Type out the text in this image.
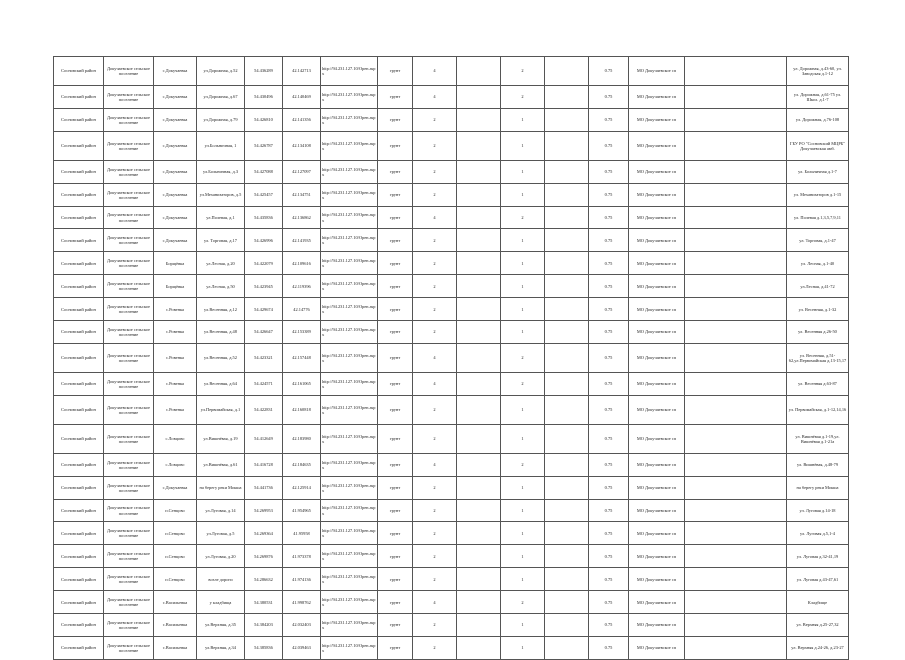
Сосновский район	Докучаевское сельское поселение	с.Докучаевка	ул.Дорожная, д.52	54.436289	42.142713	http://94.231.127.10/Open.aspx	грунт	4		2		0.75	МО Докучаевское сп		ул. Дорожная, д.43-60, ул. Заводская д.1-12
Сосновский район	Докучаевское сельское поселение	с.Докучаевка	ул.Дорожная, д.67	54.430496	42.140469	http://94.231.127.10/Open.aspx	грунт	4		2		0.75	МО Докучаевское сп		ул. Дорожная, д.61-75 ул. Школ. д.1-7
Сосновский район	Докучаевское сельское поселение	с.Докучаевка	ул.Дорожная, д.79	54.426810	42.141356	http://94.231.127.10/Open.aspx	грунт	2		1		0.75	МО Докучаевское сп		ул. Дорожная, д.76-108
Сосновский район	Докучаевское сельское поселение	с.Докучаевка	ул.Больничная, 1	54.426787	42.134108	http://94.231.127.10/Open.aspx	грунт	2		1		0.75	МО Докучаевское сп		ГБУ РО "Сосновский МЦРБ" Докучаевская амб.
Сосновский район	Докучаевское сельское поселение	с.Докучаевка	ул.Больничная, д.3	54.427088	42.127097	http://94.231.127.10/Open.aspx	грунт	2		1		0.75	МО Докучаевское сп		ул. Больничная д.1-7
Сосновский район	Докучаевское сельское поселение	с.Докучаевка	ул.Механизаторов, д.5	54.425457	42.134751	http://94.231.127.10/Open.aspx	грунт	2		1		0.75	МО Докучаевское сп		ул. Механизаторов д.1-15
Сосновский район	Докучаевское сельское поселение	с.Докучаевка	ул.Полевая, д.1	54.435836	42.136862	http://94.231.127.10/Open.aspx	грунт	4		2		0.75	МО Докучаевское сп		ул. Полевая д.1,3,5,7,9,11
Сосновский район	Докучаевское сельское поселение	с.Докучаевка	ул. Торговая, д.17	54.426996	42.141935	http://94.231.127.10/Open.aspx	грунт	2		1		0.75	МО Докучаевское сп		ул. Торговая, д.1-47
Сосновский район	Докучаевское сельское поселение	Борщёвка	ул.Лесная, д.20	54.422079	42.109616	http://94.231.127.10/Open.aspx	грунт	2		1		0.75	МО Докучаевское сп		ул. Лесная, д.1-40
Сосновский район	Докучаевское сельское поселение	Борщёвка	ул.Лесная, д.50	54.423945	42.119396	http://94.231.127.10/Open.aspx	грунт	2		1		0.75	МО Докучаевское сп		ул.Лесная, д.41-72
Сосновский район	Докучаевское сельское поселение	с.Ровенка	ул.Весенняя, д.12	54.429674	42.14776	http://94.231.127.10/Open.aspx	грунт	2		1		0.75	МО Докучаевское сп		ул. Весенняя, д.1-32
Сосновский район	Докучаевское сельское поселение	с.Ровенка	ул.Весенняя, д.48	54.426647	42.153389	http://94.231.127.10/Open.aspx	грунт	2		1		0.75	МО Докучаевское сп		ул. Весенняя д.26-50
Сосновский район	Докучаевское сельское поселение	с.Ровенка	ул.Весенняя, д.52	54.423321	42.157448	http://94.231.127.10/Open.aspx	грунт	4		2		0.75	МО Докучаевское сп		ул. Весенняя, д.51-62,ул.Первомайская д.13-15,17
Сосновский район	Докучаевское сельское поселение	с.Ровенка	ул.Весенняя, д.64	54.424571	42.161065	http://94.231.127.10/Open.aspx	грунт	4		2		0.75	МО Докучаевское сп		ул. Весенняя д.63-87
Сосновский район	Докучаевское сельское поселение	с.Ровенка	ул.Первомайская, д.1	54.422831	42.160818	http://94.231.127.10/Open.aspx	грунт	2		1		0.75	МО Докучаевское сп		ул. Первомайская, д.1-12,14,16
Сосновский район	Докучаевское сельское поселение	с.Ловцово	ул.Вишнёвая, д.19	54.412649	42.183980	http://94.231.127.10/Open.aspx	грунт	2		1		0.75	МО Докучаевское сп		ул. Вишнёвая д.1-19,ул. Вишнёвая д.1-21а
Сосновский район	Докучаевское сельское поселение	с.Ловцово	ул.Вишнёвая, д.61	54.416728	42.184635	http://94.231.127.10/Open.aspx	грунт	4		2		0.75	МО Докучаевское сп		ул. Вишнёвая, д.48-79
Сосновский район	Докучаевское сельское поселение	с.Докучаевка	на берегу реки Мокша	54.441736	42.125914	http://94.231.127.10/Open.aspx	грунт	2		1		0.75	МО Докучаевское сп		на берегу реки Мокша
Сосновский район	Докучаевское сельское поселение	п.Сенцово	ул.Луговая, д.14	54.269953	41.954965	http://94.231.127.10/Open.aspx	грунт	2		1		0.75	МО Докучаевское сп		ул. Луговая д.14-18
Сосновский район	Докучаевское сельское поселение	п.Сенцово	ул.Луговая, д.5	54.269364	41.95958	http://94.231.127.10/Open.aspx	грунт	2		1		0.75	МО Докучаевское сп		ул. Луговая д.5,1-4
Сосновский район	Докучаевское сельское поселение	п.Сенцово	ул.Луговая, д.20	54.269876	41.973378	http://94.231.127.10/Open.aspx	грунт	2		1		0.75	МО Докучаевское сп		ул. Луговая д.32-41,19
Сосновский район	Докучаевское сельское поселение	п.Сенцово	возле дороги	54.286632	41.974136	http://94.231.127.10/Open.aspx	грунт	2		1		0.75	МО Докучаевское сп		ул. Луговая д.43-47,61
Сосновский район	Докучаевское сельское поселение	с.Васильевка	у кладбища	54.380531	41.998762	http://94.231.127.10/Open.aspx	грунт	4		2		0.75	МО Докучаевское сп		Кладбище
Сосновский район	Докучаевское сельское поселение	с.Васильевка	ул.Верхняя, д.35	54.384203	42.032403	http://94.231.127.10/Open.aspx	грунт	2		1		0.75	МО Докучаевское сп		ул. Верхняя д.25-27,32
Сосновский район	Докучаевское сельское поселение	с.Васильевка	ул.Верхняя, д.34	54.385836	42.039463	http://94.231.127.10/Open.aspx	грунт	2		1		0.75	МО Докучаевское сп		ул. Верхняя д.24-26, д.23-27
